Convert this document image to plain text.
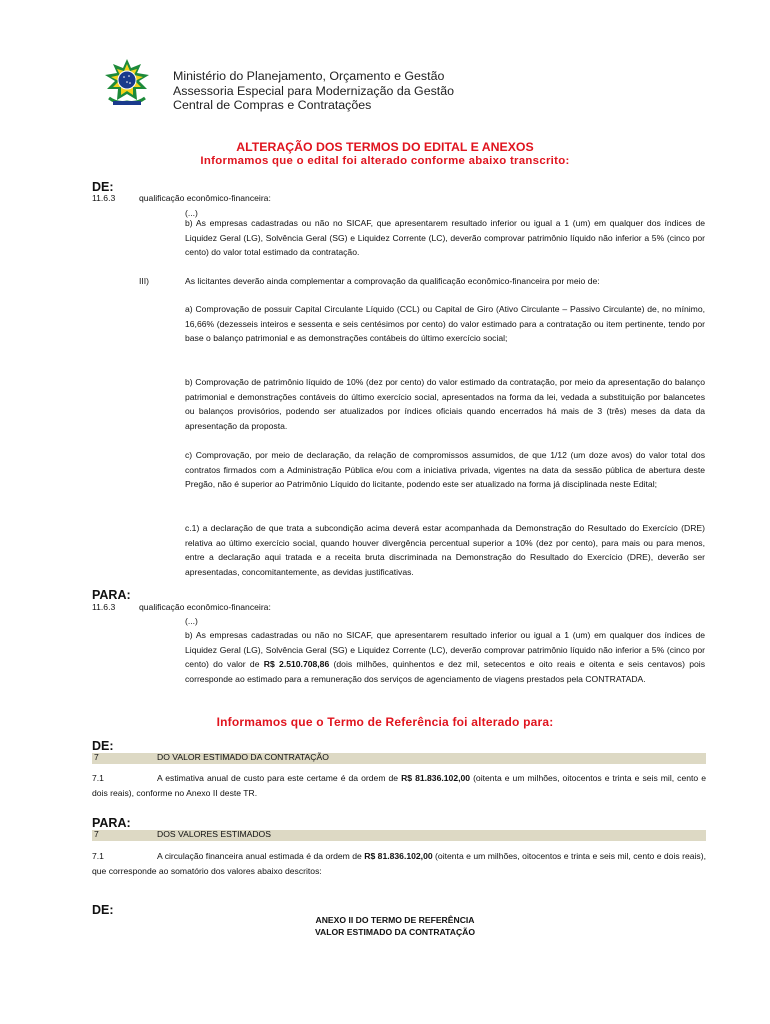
Ministério do Planejamento, Orçamento e Gestão
Assessoria Especial para Modernização da Gestão
Central de Compras e Contratações
ALTERAÇÃO DOS TERMOS DO EDITAL E ANEXOS
Informamos que o edital foi alterado conforme abaixo transcrito:
DE:
11.6.3	qualificação econômico-financeira:
(...)
b) As empresas cadastradas ou não no SICAF, que apresentarem resultado inferior ou igual a 1 (um) em qualquer dos índices de Liquidez Geral (LG), Solvência Geral (SG) e Liquidez Corrente (LC), deverão comprovar patrimônio líquido não inferior a 5% (cinco por cento) do valor total estimado da contratação.
III)	As licitantes deverão ainda complementar a comprovação da qualificação econômico-financeira por meio de:
a) Comprovação de possuir Capital Circulante Líquido (CCL) ou Capital de Giro (Ativo Circulante – Passivo Circulante) de, no mínimo, 16,66% (dezesseis inteiros e sessenta e seis centésimos por cento) do valor estimado para a contratação ou item pertinente, tendo por base o balanço patrimonial e as demonstrações contábeis do último exercício social;
b) Comprovação de patrimônio líquido de 10% (dez por cento) do valor estimado da contratação, por meio da apresentação do balanço patrimonial e demonstrações contáveis do último exercício social, apresentados na forma da lei, vedada a substituição por balancetes ou balanços provisórios, podendo ser atualizados por índices oficiais quando encerrados há mais de 3 (três) meses da data da apresentação da proposta.
c) Comprovação, por meio de declaração, da relação de compromissos assumidos, de que 1/12 (um doze avos) do valor total dos contratos firmados com a Administração Pública e/ou com a iniciativa privada, vigentes na data da sessão pública de abertura deste Pregão, não é superior ao Patrimônio Líquido do licitante, podendo este ser atualizado na forma já disciplinada neste Edital;
c.1) a declaração de que trata a subcondição acima deverá estar acompanhada da Demonstração do Resultado do Exercício (DRE) relativa ao último exercício social, quando houver divergência percentual superior a 10% (dez por cento), para mais ou para menos, entre a declaração aqui tratada e a receita bruta discriminada na Demonstração do Resultado do Exercício (DRE), deverão ser apresentadas, concomitantemente, as devidas justificativas.
PARA:
11.6.3	qualificação econômico-financeira:
(...)
b) As empresas cadastradas ou não no SICAF, que apresentarem resultado inferior ou igual a 1 (um) em qualquer dos índices de Liquidez Geral (LG), Solvência Geral (SG) e Liquidez Corrente (LC), deverão comprovar patrimônio líquido não inferior a 5% (cinco por cento) do valor de R$ 2.510.708,86 (dois milhões, quinhentos e dez mil, setecentos e oito reais e oitenta e seis centavos) pois corresponde ao estimado para a remuneração dos serviços de agenciamento de viagens prestados pela CONTRATADA.
Informamos que o Termo de Referência foi alterado para:
DE:
7	DO VALOR ESTIMADO DA CONTRATAÇÃO
7.1	A estimativa anual de custo para este certame é da ordem de R$ 81.836.102,00 (oitenta e um milhões, oitocentos e trinta e seis mil, cento e dois reais), conforme no Anexo II deste TR.
PARA:
7	DOS VALORES ESTIMADOS
7.1	A circulação financeira anual estimada é da ordem de R$ 81.836.102,00 (oitenta e um milhões, oitocentos e trinta e seis mil, cento e dois reais), que corresponde ao somatório dos valores abaixo descritos:
DE:
ANEXO II DO TERMO DE REFERÊNCIA
VALOR ESTIMADO DA CONTRATAÇÃO
